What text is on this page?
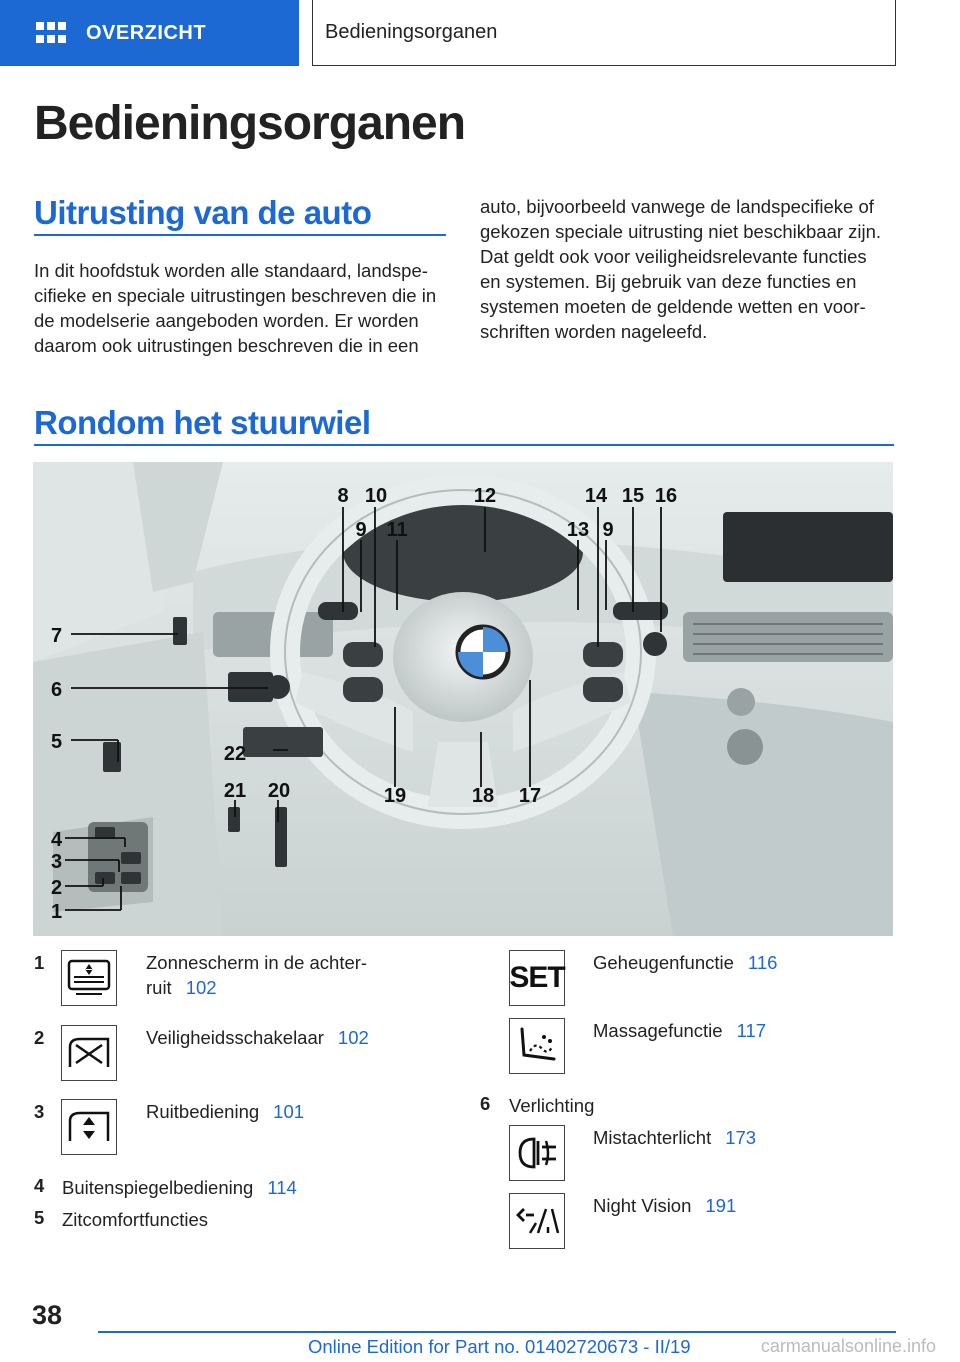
OVERZICHT	Bedieningsorganen
Bedieningsorganen
Uitrusting van de auto
In dit hoofdstuk worden alle standaard, landspe-
cifieke en speciale uitrustingen beschreven die in
de modelserie aangeboden worden. Er worden
daarom ook uitrustingen beschreven die in een
auto, bijvoorbeeld vanwege de landspecifieke of
gekozen speciale uitrusting niet beschikbaar zijn.
Dat geldt ook voor veiligheidsrelevante functies
en systemen. Bij gebruik van deze functies en
systemen moeten de geldende wetten en voor-
schriften worden nageleefd.
Rondom het stuurwiel
8 10
9 11
12	14 15 16
13 9
7
6
5
22
21 20	19	18 17
4
3
2
1
1	Zonnescherm in de achter-
ruit 102
2	Veiligheidsschakelaar 102
3	Ruitbediening 101
4 Buitenspiegelbediening 114
5 Zitcomfortfuncties
SET Geheugenfunctie 116
Massagefunctie 117
6 Verlichting
Mistachterlicht 173
Night Vision 191
38
Online Edition for Part no. 01402720673 - II/19	carmanualsonline.info
